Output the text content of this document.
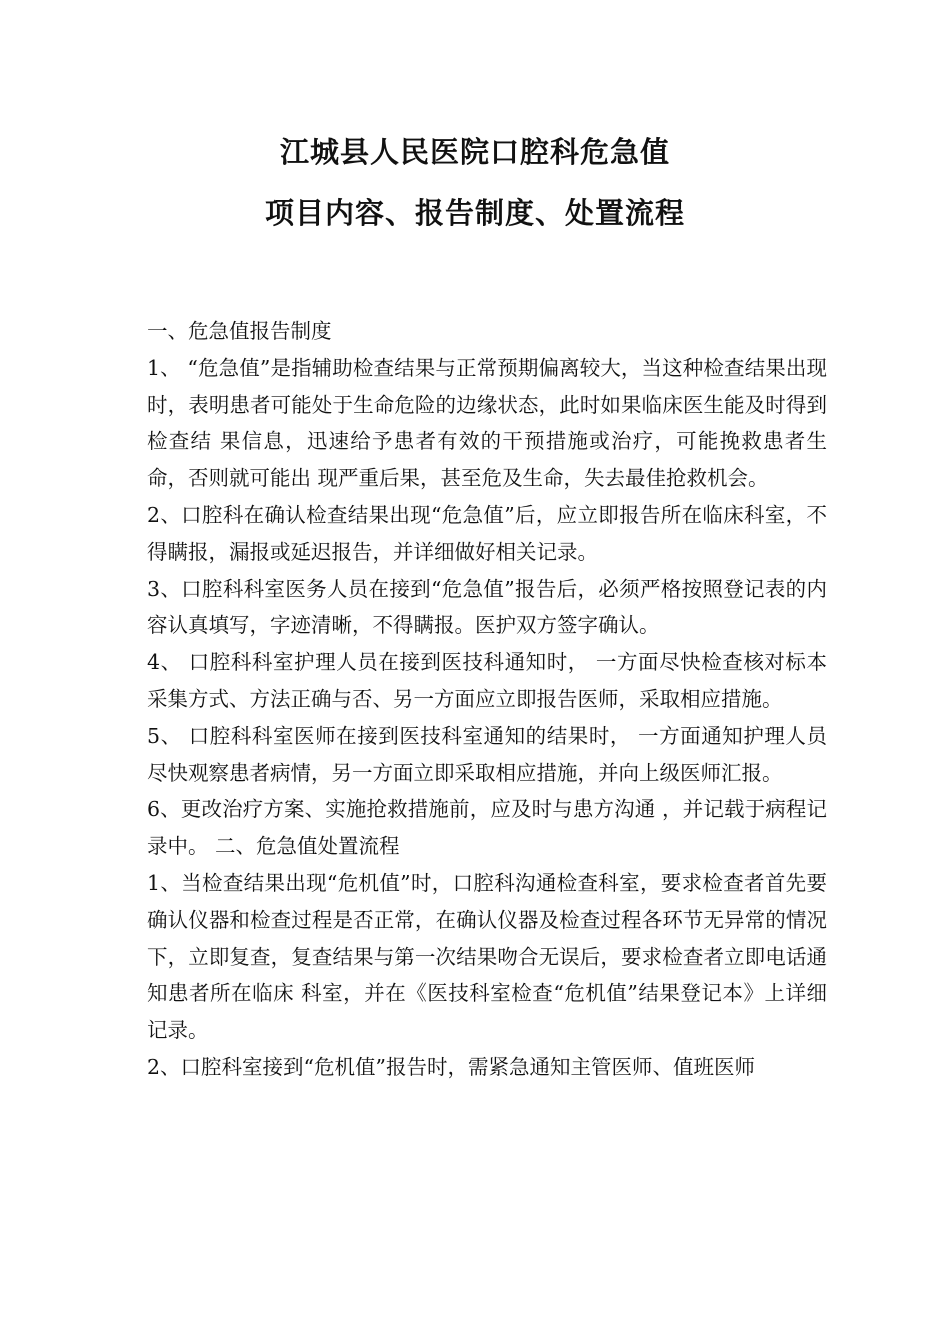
江城县人民医院口腔科危急值
项目内容、报告制度、处置流程

一、危急值报告制度

1、 “危急值”是指辅助检查结果与正常预期偏离较大，当这种检查结果出现 时，表明患者可能处于生命危险的边缘状态，此时如果临床医生能及时得到检查结 果信息，迅速给予患者有效的干预措施或治疗，可能挽救患者生命，否则就可能出 现严重后果，甚至危及生命，失去最佳抢救机会。

2、口腔科在确认检查结果出现“危急值”后，应立即报告所在临床科室，不得瞒报，漏报或延迟报告，并详细做好相关记录。

3、口腔科科室医务人员在接到“危急值”报告后，必须严格按照登记表的内容认真填写，字迹清晰，不得瞒报。医护双方签字确认。

4、 口腔科科室护理人员在接到医技科通知时， 一方面尽快检查核对标本采集方式、方法正确与否、另一方面应立即报告医师，采取相应措施。

5、 口腔科科室医师在接到医技科室通知的结果时， 一方面通知护理人员尽快观察患者病情，另一方面立即采取相应措施，并向上级医师汇报。

6、更改治疗方案、实施抢救措施前，应及时与患方沟通 ，并记载于病程记录中。 二、危急值处置流程

1、当检查结果出现“危机值”时，口腔科沟通检查科室，要求检查者首先要确认仪器和检查过程是否正常，在确认仪器及检查过程各环节无异常的情况下，立即复查，复查结果与第一次结果吻合无误后，要求检查者立即电话通知患者所在临床 科室，并在《医技科室检查“危机值”结果登记本》上详细记录。

2、口腔科室接到“危机值”报告时，需紧急通知主管医师、值班医师
